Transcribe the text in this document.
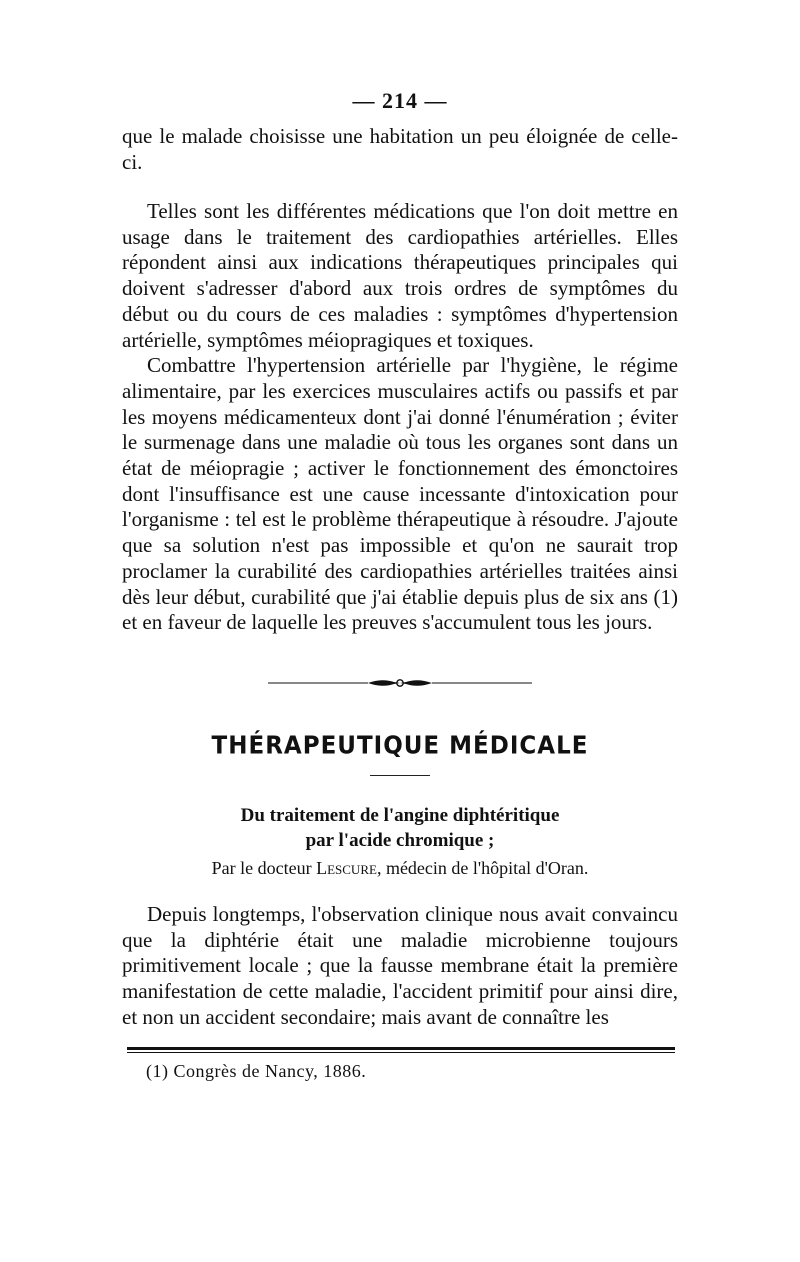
— 214 —

que le malade choisisse une habitation un peu éloignée de celle-ci.

Telles sont les différentes médications que l'on doit mettre en usage dans le traitement des cardiopathies artérielles. Elles répondent ainsi aux indications thérapeutiques principales qui doivent s'adresser d'abord aux trois ordres de symptômes du début ou du cours de ces maladies : symptômes d'hypertension artérielle, symptômes méiopragiques et toxiques.

Combattre l'hypertension artérielle par l'hygiène, le régime alimentaire, par les exercices musculaires actifs ou passifs et par les moyens médicamenteux dont j'ai donné l'énumération ; éviter le surmenage dans une maladie où tous les organes sont dans un état de méiopragie ; activer le fonctionnement des émonctoires dont l'insuffisance est une cause incessante d'intoxication pour l'organisme : tel est le problème thérapeutique à résoudre. J'ajoute que sa solution n'est pas impossible et qu'on ne saurait trop proclamer la curabilité des cardiopathies artérielles traitées ainsi dès leur début, curabilité que j'ai établie depuis plus de six ans (1) et en faveur de laquelle les preuves s'accumulent tous les jours.

THÉRAPEUTIQUE MÉDICALE
Du traitement de l'angine diphtéritique
par l'acide chromique ;
Par le docteur Lescure, médecin de l'hôpital d'Oran.

Depuis longtemps, l'observation clinique nous avait convaincu que la diphtérie était une maladie microbienne toujours primitivement locale ; que la fausse membrane était la première manifestation de cette maladie, l'accident primitif pour ainsi dire, et non un accident secondaire; mais avant de connaître les

(1) Congrès de Nancy, 1886.
